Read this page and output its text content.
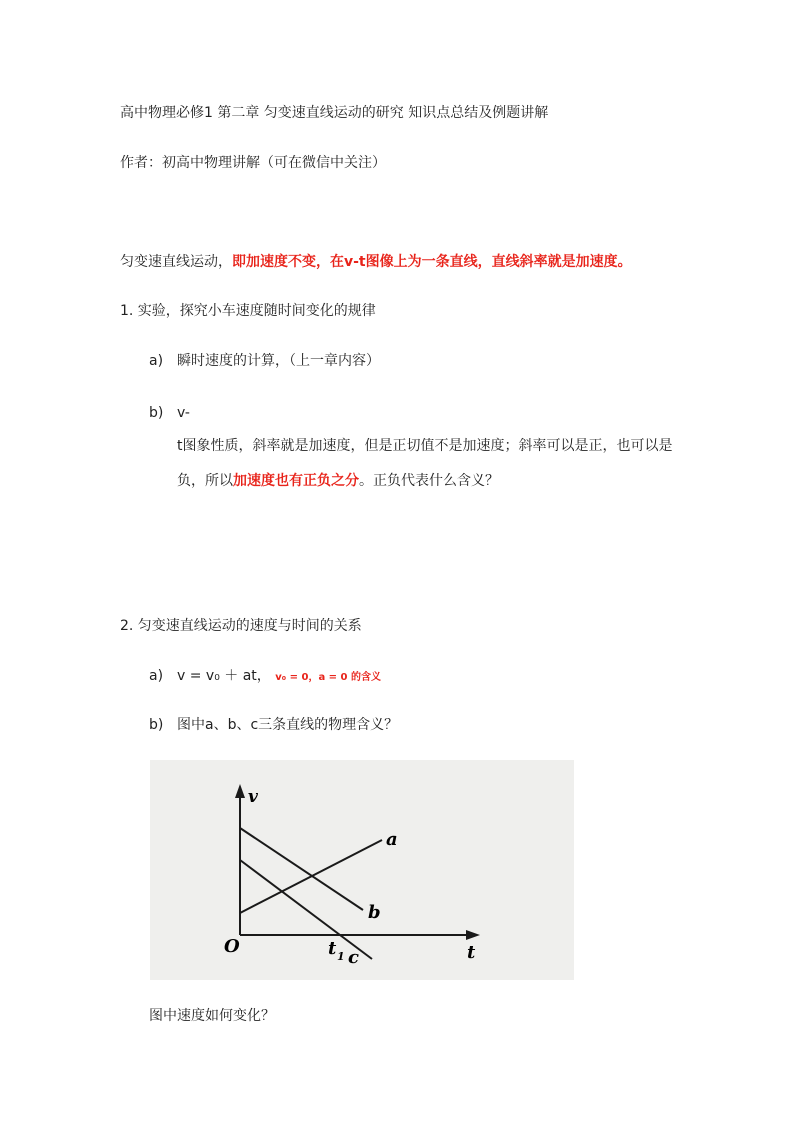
高中物理必修1 第二章 匀变速直线运动的研究 知识点总结及例题讲解
作者：初高中物理讲解（可在微信中关注）
匀变速直线运动，即加速度不变，在v-t图像上为一条直线，直线斜率就是加速度。
1. 实验，探究小车速度随时间变化的规律
a) 瞬时速度的计算，（上一章内容）
b) v-
t图象性质，斜率就是加速度，但是正切值不是加速度；斜率可以是正，也可以是
负，所以加速度也有正负之分。正负代表什么含义？
2. 匀变速直线运动的速度与时间的关系
a) v = v₀ ＋ at， v₀ = 0，a = 0 的含义
b) 图中a、b、c三条直线的物理含义？
v
t
O	t 1
a
b
c
图中速度如何变化？
